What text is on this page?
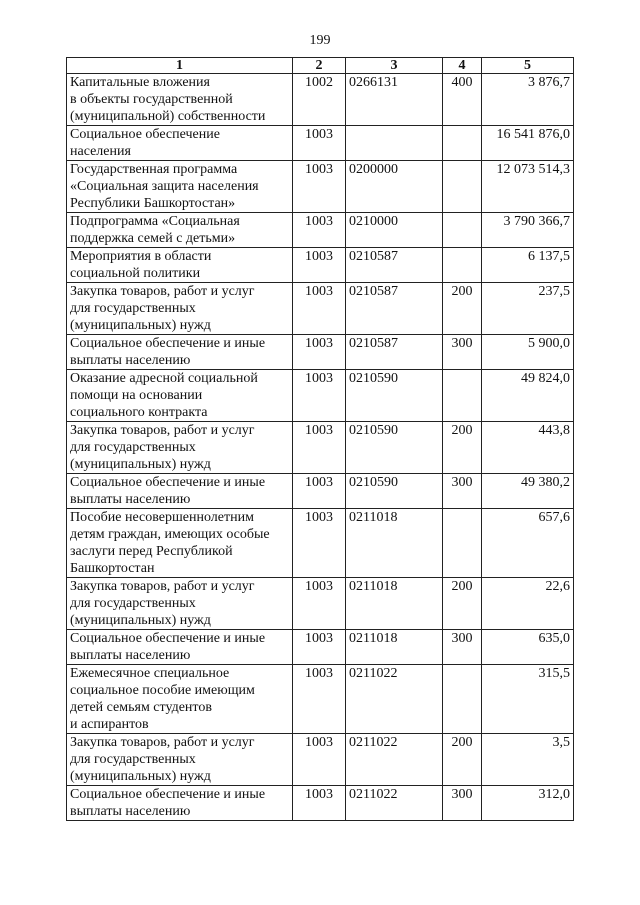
199
1	2	3	4	5
Капитальные вложения
в объекты государственной
(муниципальной) собственности	1002	0266131	400	3 876,7
Социальное обеспечение
населения	1003			16 541 876,0
Государственная программа
«Социальная защита населения
Республики Башкортостан»	1003	0200000		12 073 514,3
Подпрограмма «Социальная
поддержка семей с детьми»	1003	0210000		3 790 366,7
Мероприятия в области
социальной политики	1003	0210587		6 137,5
Закупка товаров, работ и услуг
для государственных
(муниципальных) нужд	1003	0210587	200	237,5
Социальное обеспечение и иные
выплаты населению	1003	0210587	300	5 900,0
Оказание адресной социальной
помощи на основании
социального контракта	1003	0210590		49 824,0
Закупка товаров, работ и услуг
для государственных
(муниципальных) нужд	1003	0210590	200	443,8
Социальное обеспечение и иные
выплаты населению	1003	0210590	300	49 380,2
Пособие несовершеннолетним
детям граждан, имеющих особые
заслуги перед Республикой
Башкортостан	1003	0211018		657,6
Закупка товаров, работ и услуг
для государственных
(муниципальных) нужд	1003	0211018	200	22,6
Социальное обеспечение и иные
выплаты населению	1003	0211018	300	635,0
Ежемесячное специальное
социальное пособие имеющим
детей семьям студентов
и аспирантов	1003	0211022		315,5
Закупка товаров, работ и услуг
для государственных
(муниципальных) нужд	1003	0211022	200	3,5
Социальное обеспечение и иные
выплаты населению	1003	0211022	300	312,0
